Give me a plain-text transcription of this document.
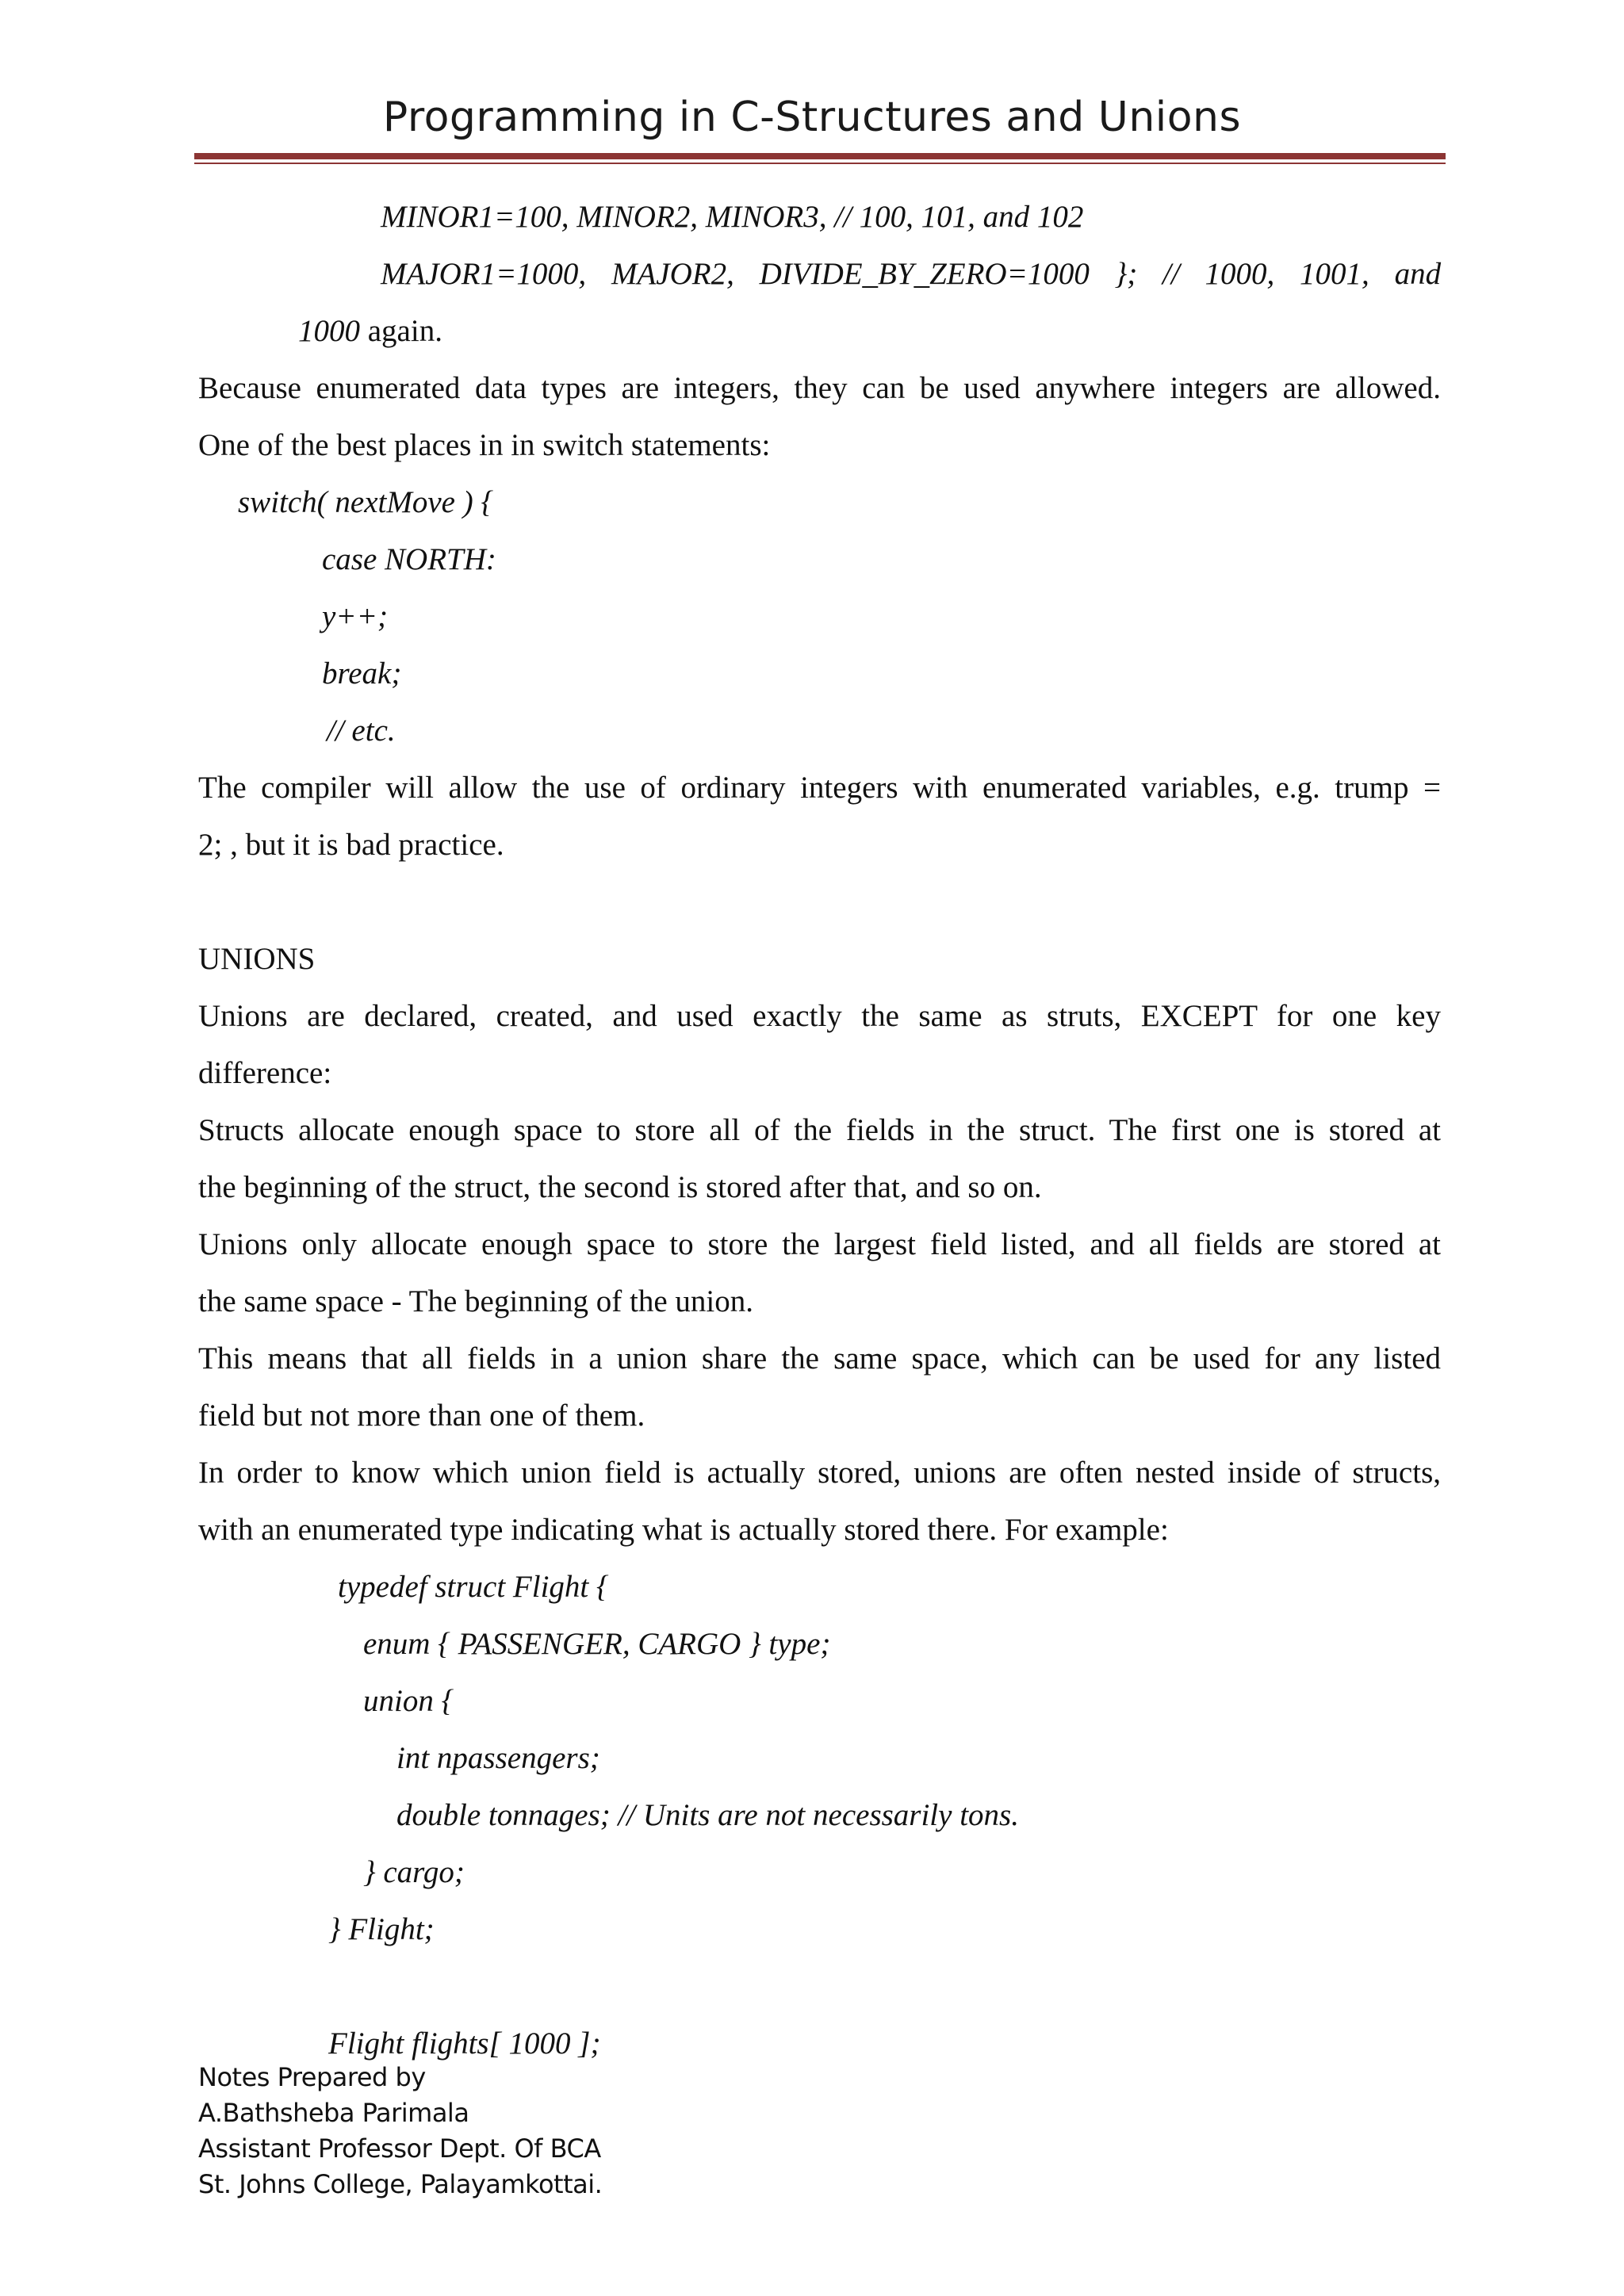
Programming in C-Structures and Unions
MINOR1=100, MINOR2, MINOR3, // 100, 101, and 102
MAJOR1=1000, MAJOR2, DIVIDE_BY_ZERO=1000 }; // 1000, 1001, and
1000 again.
Because enumerated data types are integers, they can be used anywhere integers are allowed.
One of the best places in in switch statements:
switch( nextMove ) {
case NORTH:
y++;
break;
// etc.
The compiler will allow the use of ordinary integers with enumerated variables, e.g. trump =
2; , but it is bad practice.
UNIONS
Unions are declared, created, and used exactly the same as struts, EXCEPT for one key
difference:
Structs allocate enough space to store all of the fields in the struct. The first one is stored at
the beginning of the struct, the second is stored after that, and so on.
Unions only allocate enough space to store the largest field listed, and all fields are stored at
the same space - The beginning of the union.
This means that all fields in a union share the same space, which can be used for any listed
field but not more than one of them.
In order to know which union field is actually stored, unions are often nested inside of structs,
with an enumerated type indicating what is actually stored there. For example:
typedef struct Flight {
enum { PASSENGER, CARGO } type;
union {
int npassengers;
double tonnages; // Units are not necessarily tons.
} cargo;
} Flight;
Flight flights[ 1000 ];
Notes Prepared by
A.Bathsheba Parimala
Assistant Professor Dept. Of BCA
St. Johns College, Palayamkottai.
